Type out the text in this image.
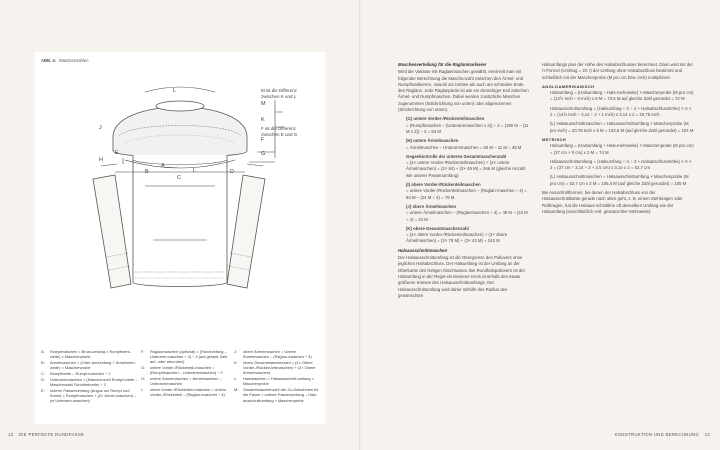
ABB. 4: Maschenzahlen
L
M
K
J
F
G
E
H
A
B
C
L	D
M ist die Differenz zwischen K und L
F ist die Differenz zwischen E und G
A:	Rumpfmaschen = Brust-umfang × Rumpfmehr-weite) × Maschenprobe
B:	Ärmelmaschen = (Ober-armumfang + Ärmelmehr-weite) × Maschenprobe
C:	Rumpfbreite – Rumpf-maschen ÷ 2
D:	Unterarmmaschen = (Maschenzahl Rumpf-breite – Maschenzahl Schulterbreite) ÷ 2
E:	unterer Passenumfang (Angus um Rumpf und Ärmel) = Rumpfmaschen + (2× Ärmel-maschen) – (ei Unterarm-maschen)
F:	Raglanmaschen (optional) = (Rundumfang – Unterarm-maschen + 2) ÷ 4 (auf gerade Zahl auf- oder abrunden)
G:	untere Vorder-/Rückenteil-maschen = (Rumpfmaschen – Unterarmmaschen) ÷ 2
H:	untere Ärmelmaschen = Ärmelmaschen – Unterarmmaschen
I:	obere Vorder-/Rückenteil-maschen = Untere Vorder-/Rückenteil – (Raglan-maschen ÷ 4)
J:	obere Ärmelmaschen = Untere Ärmelmaschen – (Raglan-maschen ÷ 4)
K:	obere Gesamtmaschenzahl = (2× Obere Vorder-/Rücken-teilmaschen) + (2× Obere Ärmelmaschen)
L:	Halsmaschen = Halsausschnitt-umfang × Maschenprobe
M:	Gesamtmaschenzahl der Zu-/Abnahmen für die Passe = unterer Passenumfang – Hals-ausschnittumfang × Maschenprobe
12 DIE PERFEKTE RUNDPASSE
Maschenverteilung für die Raglanmarkierer

Wird die Variante mit Raglanmaschen gewählt, ermit-telt man mit folgender Berechnung die Maschenzahl zwischen den Ärmel- und Rumpfmarkierern, sowohl am breiten als auch am schmalen Ende des Raglans. Jede Raglanpartie ist wie ein dreieckiger Keil zwischen Ärmel- und Rumpfmaschen. Dabei werden zusätzliche Maschen zugenommen (Strickrichtung von unten) oder abgenommen (Strickrichtung von unten).

(G) untere Vorder-/Rückenteilmaschen
= (Rumpfmaschen – (Unterarmmaschen x 2)) ÷ 2 = (190 M – (11 M x 2)) ÷ 2 = 84 M

(H) untere Ärmelmaschen
= Ärmelmaschen – Unterarmmaschen = 60 M – 11 M = 49 M

Gegenkontrolle der unteren Gesamtmaschenzahl
= (2× untere Vorder-/Rückenteilmaschen) + (2× untere Ärmelmaschen) = (2× 84) + (2× 49 M) = 266 M (gleiche Anzahl wie unterer Passenumfang)

(I) obere Vorder-/Rückenteilmaschen
= untere Vorder-/Rückenteilmaschen – (Raglan-maschen ÷ 4) = 84 M – (24 M ÷ 4) = 78 M

(J) obere Ärmelmaschen
= untere Ärmelmaschen – (Raglanmaschen ÷ 4) = 49 M – (24 M ÷ 4) = 43 M

(K) obere Gesamtmaschenzahl
= (2× obere Vorder-/Rückenteilmaschen) + (2× obere Ärmelmaschen) = (2× 78 M) + (2× 43 M) = 242 M

Halsausschnittmaschen

Der Halsausschnittumfang ist die Obergrenze des Pullovers ohne jeglichen Halsabschluss. Der Halsumfang ist der Umfang an der Oberkante des fertigen Abschlusses. Bei Rundhalspullovern ist der Halsumfang in der Regel ein kleinerer Kreis innerhalb des etwas größeren Kreises des Halsausschnittumfangs. Der Halsausschnittumfang wird daher mithilfe des Radius des gewünschten

Halsumfangs plus der Höhe des Halsabschlusses berechnet. Dann wird mit der π-Formel (Umfang = 2π r) der Umfang ohne Halsabschluss bestimmt und schließlich mit der Maschenprobe (M pro cm bzw. inch) multipliziert.

ANGLOAMERIKANISCH

Halsumfang = (Halsumfang ÷ Hals-mehrweite) × Maschenprobe (M pro cm) = (14½ Inch – 0 Inch) x 5 M = 72,5 M auf gleiche Zahl gerundet = 72 M

Halsausschnittumfang = (Halsumfang ÷ π ÷ 2 + Halsabschlusshöhe) × π × 2 = (14½ Inch ÷ 3,14 ÷ 2 + 1 Inch) x 3,14 x 2 = 20,78 Inch

(L) Halsausschnittmaschen = Halsausschnittumfang × Maschenprobe (M pro Inch) = 20,78 Inch x 5 M = 103,9 M (auf gleiche Zahl gerundet) = 104 M

METRISCH

Halsumfang = (Halsumfang + Hals-mehrweite) × Maschenprobe (M pro cm) = (37 cm + 0 cm) x 2 M = 74 M

Halsausschnittumfang = (Halsumfang ÷ π ÷ 2 + Halsabschlusshöhe) × π × 2 = (37 cm ÷ 3,14 ÷ 2 + 2,5 cm) x 3,14 x 2 = 52,7 cm

(L) Halsausschnittmaschen = Halsausschnittumfang × Maschenprobe (M pro cm) = 52,7 cm x 2 M = 105,4 M (auf gleiche Zahl gerundet) = 105 M

Bei Ausschnittformen, bei denen der Halsabschluss von der Halsausschnittkante gerade nach oben geht, z. B. einem Stehkragen oder Rollkragen, hat die Halsaus-schnittline oft denselben Umfang wie der Halsumfang (einschließlich evtl. gewünschter Mehrweite).

KONSTRUKTION UND BERECHNUNG 13
